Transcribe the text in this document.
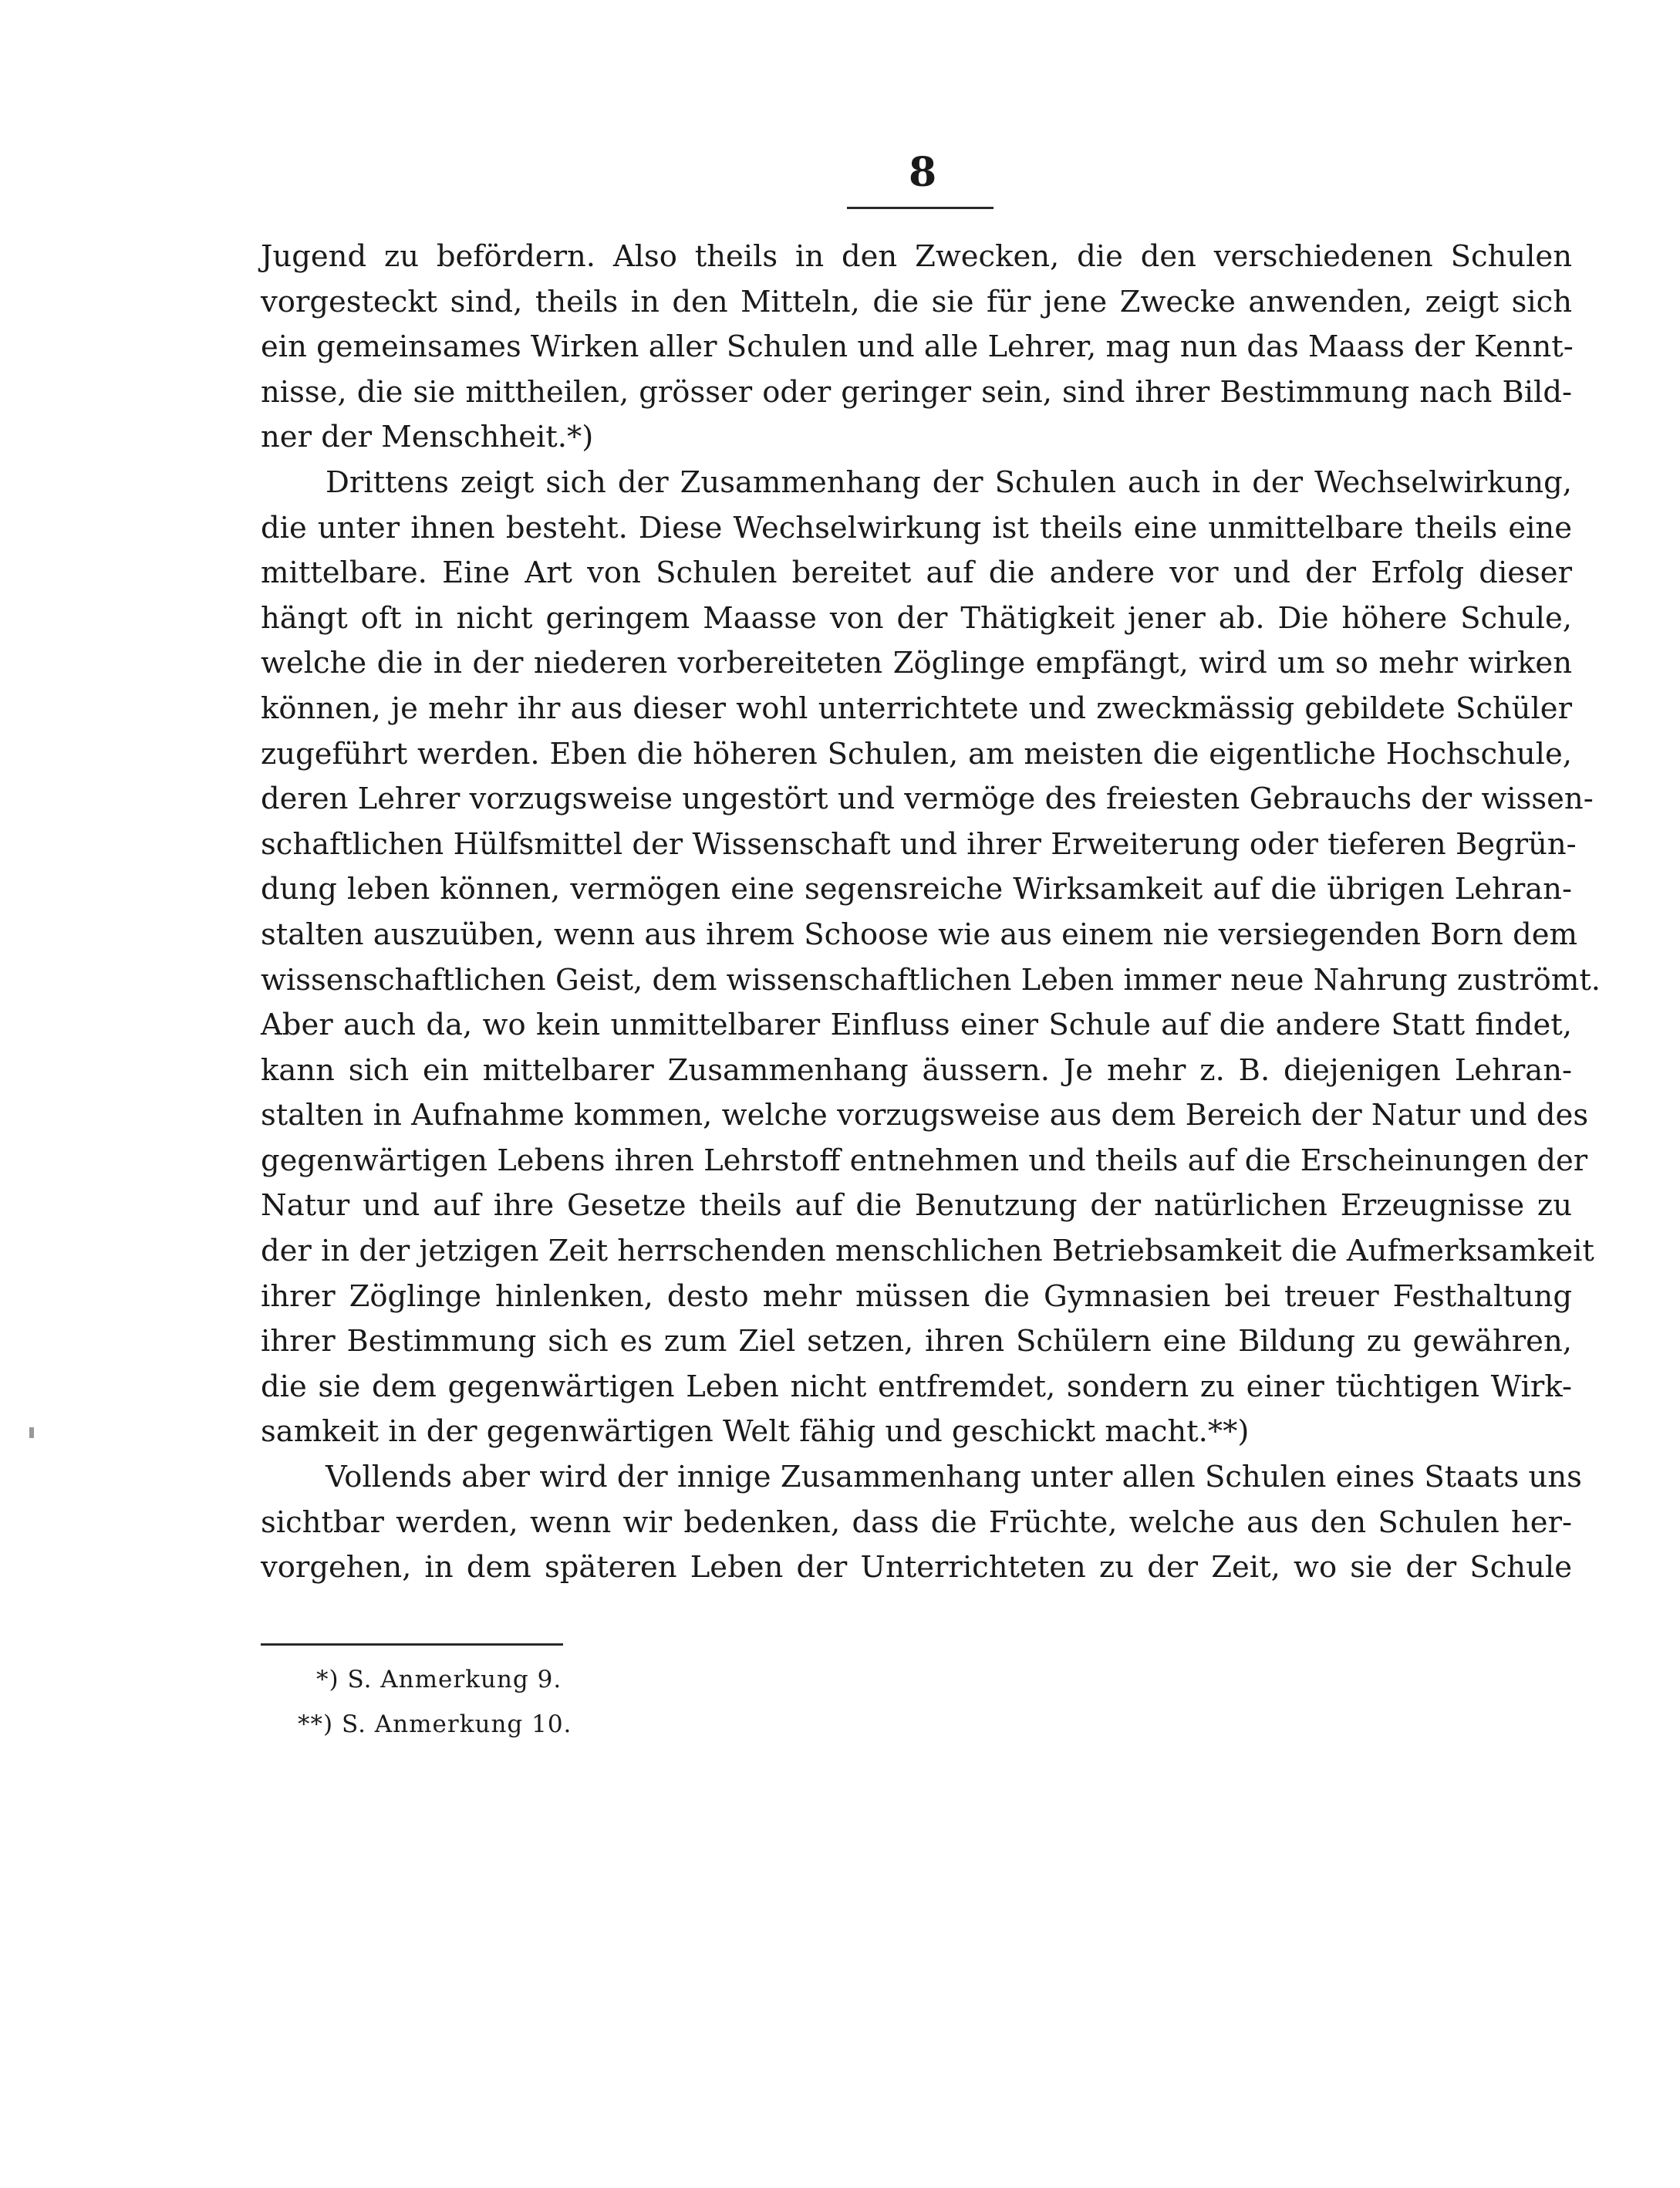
8
Jugend zu befördern. Also theils in den Zwecken, die den verschiedenen Schulen
vorgesteckt sind, theils in den Mitteln, die sie für jene Zwecke anwenden, zeigt sich
ein gemeinsames Wirken aller Schulen und alle Lehrer, mag nun das Maass der Kennt-
nisse, die sie mittheilen, grösser oder geringer sein, sind ihrer Bestimmung nach Bild-
ner der Menschheit.*)
Drittens zeigt sich der Zusammenhang der Schulen auch in der Wechselwirkung,
die unter ihnen besteht. Diese Wechselwirkung ist theils eine unmittelbare theils eine
mittelbare. Eine Art von Schulen bereitet auf die andere vor und der Erfolg dieser
hängt oft in nicht geringem Maasse von der Thätigkeit jener ab. Die höhere Schule,
welche die in der niederen vorbereiteten Zöglinge empfängt, wird um so mehr wirken
können, je mehr ihr aus dieser wohl unterrichtete und zweckmässig gebildete Schüler
zugeführt werden. Eben die höheren Schulen, am meisten die eigentliche Hochschule,
deren Lehrer vorzugsweise ungestört und vermöge des freiesten Gebrauchs der wissen-
schaftlichen Hülfsmittel der Wissenschaft und ihrer Erweiterung oder tieferen Begrün-
dung leben können, vermögen eine segensreiche Wirksamkeit auf die übrigen Lehran-
stalten auszuüben, wenn aus ihrem Schoose wie aus einem nie versiegenden Born dem
wissenschaftlichen Geist, dem wissenschaftlichen Leben immer neue Nahrung zuströmt.
Aber auch da, wo kein unmittelbarer Einfluss einer Schule auf die andere Statt findet,
kann sich ein mittelbarer Zusammenhang äussern. Je mehr z. B. diejenigen Lehran-
stalten in Aufnahme kommen, welche vorzugsweise aus dem Bereich der Natur und des
gegenwärtigen Lebens ihren Lehrstoff entnehmen und theils auf die Erscheinungen der
Natur und auf ihre Gesetze theils auf die Benutzung der natürlichen Erzeugnisse zu
der in der jetzigen Zeit herrschenden menschlichen Betriebsamkeit die Aufmerksamkeit
ihrer Zöglinge hinlenken, desto mehr müssen die Gymnasien bei treuer Festhaltung
ihrer Bestimmung sich es zum Ziel setzen, ihren Schülern eine Bildung zu gewähren,
die sie dem gegenwärtigen Leben nicht entfremdet, sondern zu einer tüchtigen Wirk-
samkeit in der gegenwärtigen Welt fähig und geschickt macht.**)
Vollends aber wird der innige Zusammenhang unter allen Schulen eines Staats uns
sichtbar werden, wenn wir bedenken, dass die Früchte, welche aus den Schulen her-
vorgehen, in dem späteren Leben der Unterrichteten zu der Zeit, wo sie der Schule
*) S. Anmerkung 9.
**) S. Anmerkung 10.
